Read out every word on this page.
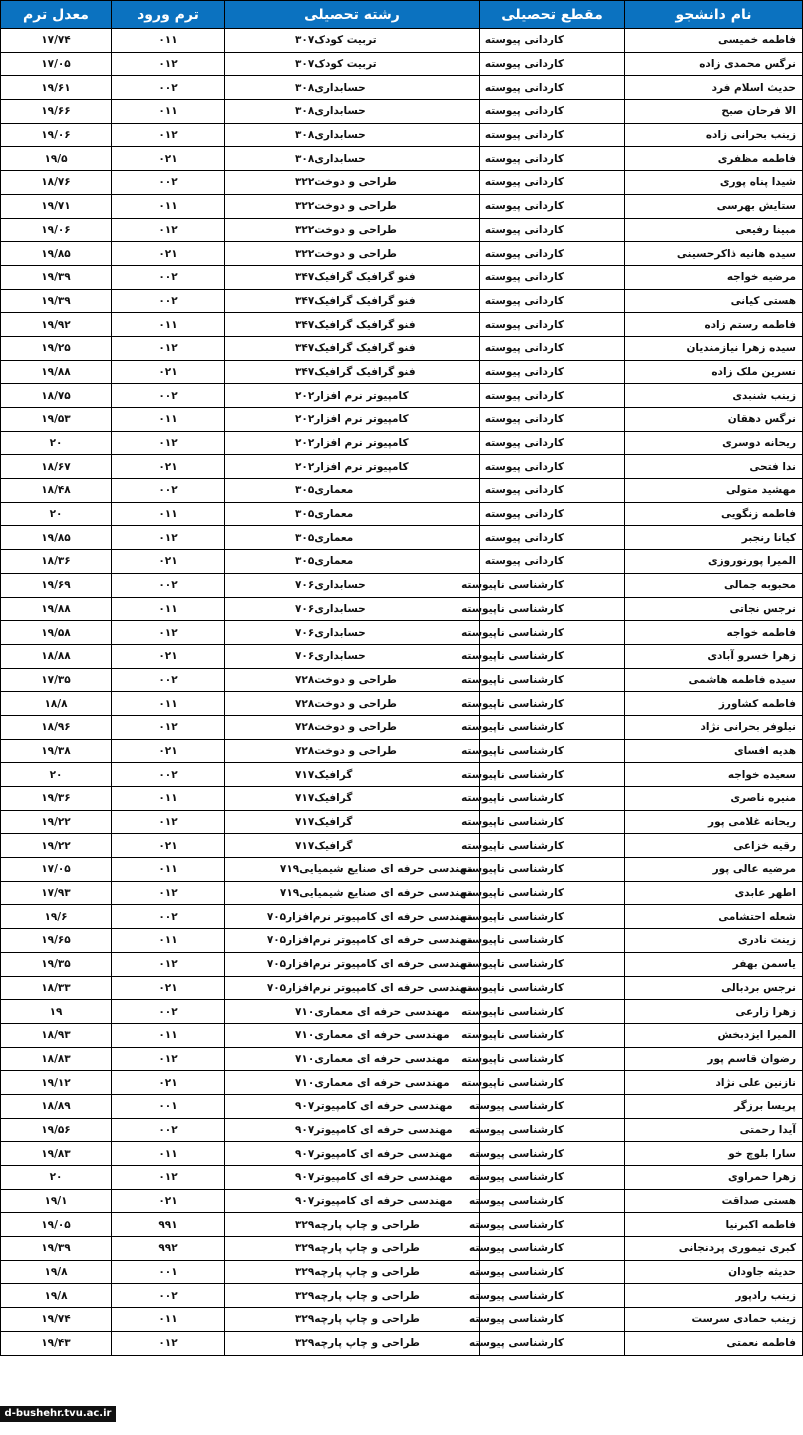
نام دانشجو	مقطع تحصیلی	رشته تحصیلی	ترم ورود	معدل ترم
فاطمه خمیسی	کاردانی پیوسته	تربیت کودک۳۰۷	۰۱۱	۱۷/۷۴
نرگس محمدی زاده	کاردانی پیوسته	تربیت کودک۳۰۷	۰۱۲	۱۷/۰۵
حدیث اسلام فرد	کاردانی پیوسته	حسابداری۳۰۸	۰۰۲	۱۹/۶۱
الا فرحان صبح	کاردانی پیوسته	حسابداری۳۰۸	۰۱۱	۱۹/۶۶
زینب بحرانی زاده	کاردانی پیوسته	حسابداری۳۰۸	۰۱۲	۱۹/۰۶
فاطمه مظفری	کاردانی پیوسته	حسابداری۳۰۸	۰۲۱	۱۹/۵
شیدا پناه پوری	کاردانی پیوسته	طراحی و دوخت۳۲۲	۰۰۲	۱۸/۷۶
ستایش بهرسی	کاردانی پیوسته	طراحی و دوخت۳۲۲	۰۱۱	۱۹/۷۱
مبینا رفیعی	کاردانی پیوسته	طراحی و دوخت۳۲۲	۰۱۲	۱۹/۰۶
سیده هانیه ذاکرحسینی	کاردانی پیوسته	طراحی و دوخت۳۲۲	۰۲۱	۱۹/۸۵
مرضیه خواجه	کاردانی پیوسته	فنو گرافیک گرافیک۳۴۷	۰۰۲	۱۹/۳۹
هستی کیانی	کاردانی پیوسته	فنو گرافیک گرافیک۳۴۷	۰۰۲	۱۹/۳۹
فاطمه رستم زاده	کاردانی پیوسته	فنو گرافیک گرافیک۳۴۷	۰۱۱	۱۹/۹۲
سیده زهرا نیازمندیان	کاردانی پیوسته	فنو گرافیک گرافیک۳۴۷	۰۱۲	۱۹/۲۵
نسرین ملک زاده	کاردانی پیوسته	فنو گرافیک گرافیک۳۴۷	۰۲۱	۱۹/۸۸
زینب شنبدی	کاردانی پیوسته	کامپیوتر نرم افزار۲۰۲	۰۰۲	۱۸/۷۵
نرگس دهقان	کاردانی پیوسته	کامپیوتر نرم افزار۲۰۲	۰۱۱	۱۹/۵۳
ریحانه دوسری	کاردانی پیوسته	کامپیوتر نرم افزار۲۰۲	۰۱۲	۲۰
ندا فتحی	کاردانی پیوسته	کامپیوتر نرم افزار۲۰۲	۰۲۱	۱۸/۶۷
مهشید متولی	کاردانی پیوسته	معماری۳۰۵	۰۰۲	۱۸/۴۸
فاطمه زنگویی	کاردانی پیوسته	معماری۳۰۵	۰۱۱	۲۰
کیانا رنجبر	کاردانی پیوسته	معماری۳۰۵	۰۱۲	۱۹/۸۵
المیرا پورنوروزی	کاردانی پیوسته	معماری۳۰۵	۰۲۱	۱۸/۳۶
محبوبه جمالی	کارشناسی ناپیوسته	حسابداری۷۰۶	۰۰۲	۱۹/۶۹
نرجس نجاتی	کارشناسی ناپیوسته	حسابداری۷۰۶	۰۱۱	۱۹/۸۸
فاطمه خواجه	کارشناسی ناپیوسته	حسابداری۷۰۶	۰۱۲	۱۹/۵۸
زهرا خسرو آبادی	کارشناسی ناپیوسته	حسابداری۷۰۶	۰۲۱	۱۸/۸۸
سیده فاطمه هاشمی	کارشناسی ناپیوسته	طراحی و دوخت۷۲۸	۰۰۲	۱۷/۳۵
فاطمه کشاورز	کارشناسی ناپیوسته	طراحی و دوخت۷۲۸	۰۱۱	۱۸/۸
نیلوفر بحرانی نژاد	کارشناسی ناپیوسته	طراحی و دوخت۷۲۸	۰۱۲	۱۸/۹۶
هدیه افسای	کارشناسی ناپیوسته	طراحی و دوخت۷۲۸	۰۲۱	۱۹/۳۸
سعیده خواجه	کارشناسی ناپیوسته	گرافیک۷۱۷	۰۰۲	۲۰
منیره ناصری	کارشناسی ناپیوسته	گرافیک۷۱۷	۰۱۱	۱۹/۳۶
ریحانه غلامی پور	کارشناسی ناپیوسته	گرافیک۷۱۷	۰۱۲	۱۹/۲۲
رقیه خزاعی	کارشناسی ناپیوسته	گرافیک۷۱۷	۰۲۱	۱۹/۲۲
مرضیه عالی پور	کارشناسی ناپیوسته	مهندسی حرفه ای صنایع شیمیایی۷۱۹	۰۱۱	۱۷/۰۵
اطهر عابدی	کارشناسی ناپیوسته	مهندسی حرفه ای صنایع شیمیایی۷۱۹	۰۱۲	۱۷/۹۳
شعله احتشامی	کارشناسی ناپیوسته	مهندسی حرفه ای کامپیوتر نرم‌افزار۷۰۵	۰۰۲	۱۹/۶
زینت نادری	کارشناسی ناپیوسته	مهندسی حرفه ای کامپیوتر نرم‌افزار۷۰۵	۰۱۱	۱۹/۶۵
یاسمن بهفر	کارشناسی ناپیوسته	مهندسی حرفه ای کامپیوتر نرم‌افزار۷۰۵	۰۱۲	۱۹/۳۵
نرجس بردبالی	کارشناسی ناپیوسته	مهندسی حرفه ای کامپیوتر نرم‌افزار۷۰۵	۰۲۱	۱۸/۳۳
زهرا زارعی	کارشناسی ناپیوسته	مهندسی حرفه ای معماری۷۱۰	۰۰۲	۱۹
المیرا ایزدبخش	کارشناسی ناپیوسته	مهندسی حرفه ای معماری۷۱۰	۰۱۱	۱۸/۹۳
رضوان قاسم پور	کارشناسی ناپیوسته	مهندسی حرفه ای معماری۷۱۰	۰۱۲	۱۸/۸۳
نازنین علی نژاد	کارشناسی ناپیوسته	مهندسی حرفه ای معماری۷۱۰	۰۲۱	۱۹/۱۲
پریسا برزگر	کارشناسی پیوسته	مهندسی حرفه ای کامپیوتر۹۰۷	۰۰۱	۱۸/۸۹
آیدا رحمتی	کارشناسی پیوسته	مهندسی حرفه ای کامپیوتر۹۰۷	۰۰۲	۱۹/۵۶
سارا بلوچ خو	کارشناسی پیوسته	مهندسی حرفه ای کامپیوتر۹۰۷	۰۱۱	۱۹/۸۳
زهرا حمراوی	کارشناسی پیوسته	مهندسی حرفه ای کامپیوتر۹۰۷	۰۱۲	۲۰
هستی صداقت	کارشناسی پیوسته	مهندسی حرفه ای کامپیوتر۹۰۷	۰۲۱	۱۹/۱
فاطمه اکبرنیا	کارشناسی پیوسته	طراحی و چاپ پارچه۳۲۹	۹۹۱	۱۹/۰۵
کبری تیموری پردنجانی	کارشناسی پیوسته	طراحی و چاپ پارچه۳۲۹	۹۹۲	۱۹/۳۹
حدیثه جاودان	کارشناسی پیوسته	طراحی و چاپ پارچه۳۲۹	۰۰۱	۱۹/۸
زینب رادپور	کارشناسی پیوسته	طراحی و چاپ پارچه۳۲۹	۰۰۲	۱۹/۸
زینب حمادی سرست	کارشناسی پیوسته	طراحی و چاپ پارچه۳۲۹	۰۱۱	۱۹/۷۴
فاطمه نعمتی	کارشناسی پیوسته	طراحی و چاپ پارچه۳۲۹	۰۱۲	۱۹/۴۳
d-bushehr.tvu.ac.ir
